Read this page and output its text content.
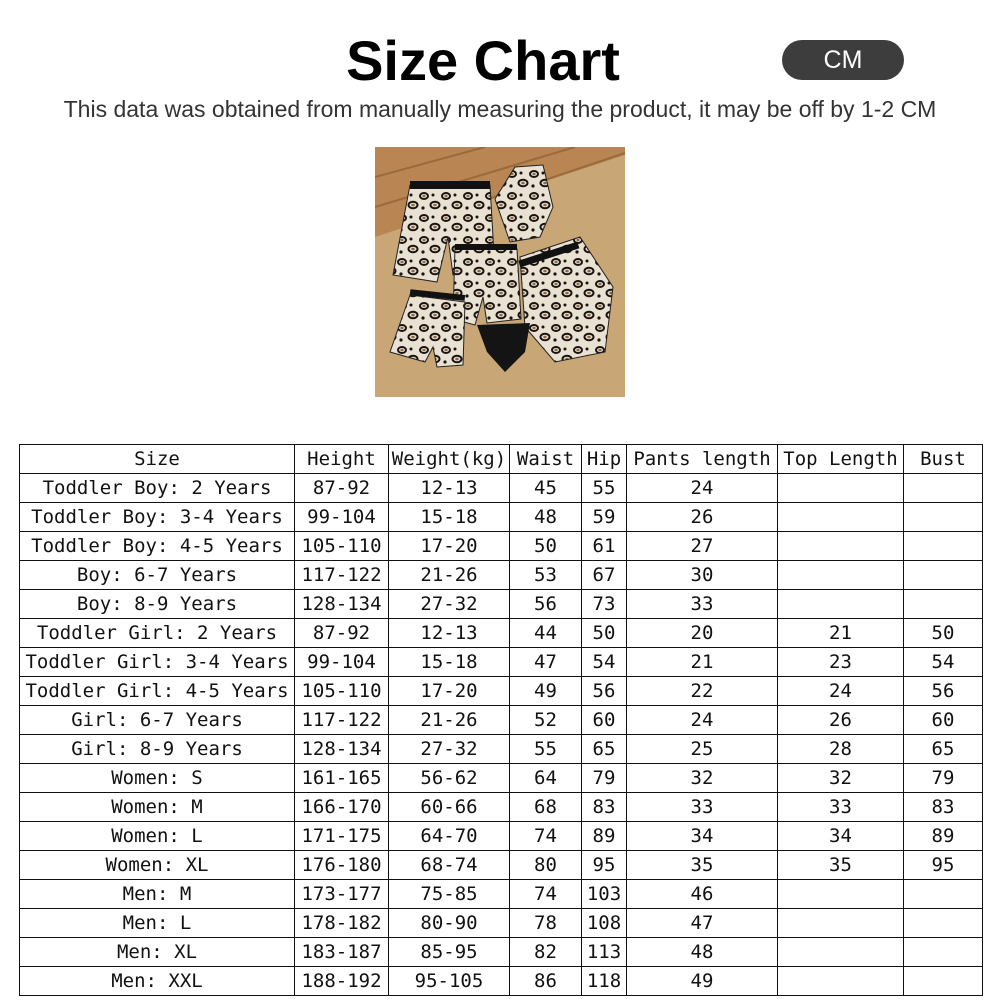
Size Chart	CM
This data was obtained from manually measuring the product, it may be off by 1-2 CM
Size	Height	Weight(kg)	Waist	Hip	Pants length	Top Length	Bust
Toddler Boy: 2 Years	87-92	12-13	45	55	24		
Toddler Boy: 3-4 Years	99-104	15-18	48	59	26		
Toddler Boy: 4-5 Years	105-110	17-20	50	61	27		
Boy: 6-7 Years	117-122	21-26	53	67	30		
Boy: 8-9 Years	128-134	27-32	56	73	33		
Toddler Girl: 2 Years	87-92	12-13	44	50	20	21	50
Toddler Girl: 3-4 Years	99-104	15-18	47	54	21	23	54
Toddler Girl: 4-5 Years	105-110	17-20	49	56	22	24	56
Girl: 6-7 Years	117-122	21-26	52	60	24	26	60
Girl: 8-9 Years	128-134	27-32	55	65	25	28	65
Women: S	161-165	56-62	64	79	32	32	79
Women: M	166-170	60-66	68	83	33	33	83
Women: L	171-175	64-70	74	89	34	34	89
Women: XL	176-180	68-74	80	95	35	35	95
Men: M	173-177	75-85	74	103	46		
Men: L	178-182	80-90	78	108	47		
Men: XL	183-187	85-95	82	113	48		
Men: XXL	188-192	95-105	86	118	49		
